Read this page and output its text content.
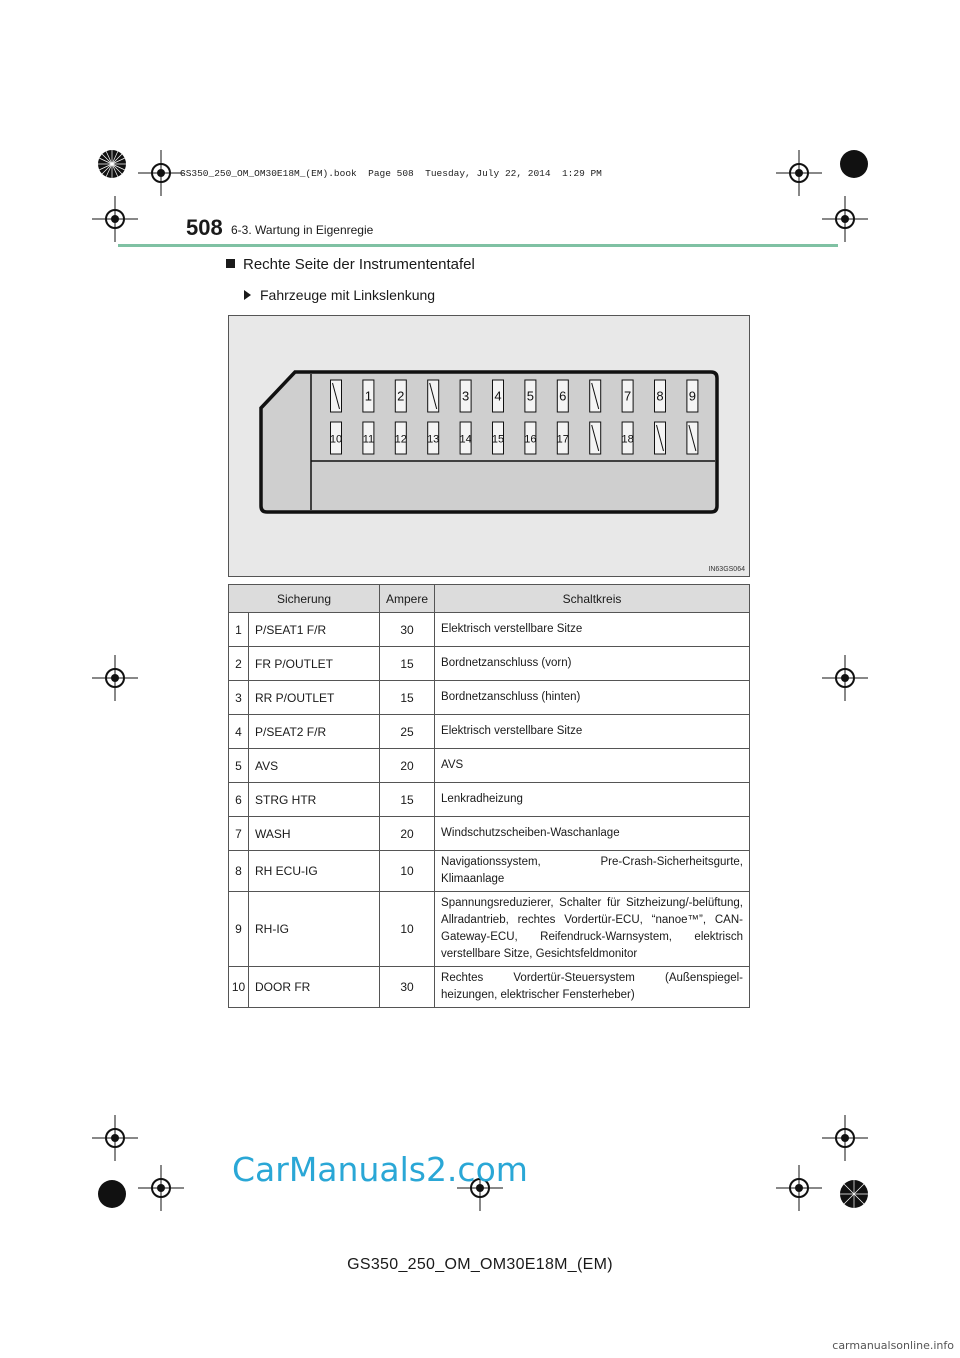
GS350_250_OM_OM30E18M_(EM).book  Page 508  Tuesday, July 22, 2014  1:29 PM
508 6-3. Wartung in Eigenregie
Rechte Seite der Instrumententafel
Fahrzeuge mit Linkslenkung
1 2	3 4 5 6	7 8 9
10 11 12 13 14 15 16 17	18
IN63GS064
Sicherung		Ampere	Schaltkreis
1	P/SEAT1 F/R	30	Elektrisch verstellbare Sitze
2	FR P/OUTLET	15	Bordnetzanschluss (vorn)
3	RR P/OUTLET	15	Bordnetzanschluss (hinten)
4	P/SEAT2 F/R	25	Elektrisch verstellbare Sitze
5	AVS	20	AVS
6	STRG HTR	15	Lenkradheizung
7	WASH	20	Windschutzscheiben-Waschanlage
8	RH ECU-IG	10	Navigationssystem, Pre-Crash-Sicherheitsgurte, Klimaanlage
9	RH-IG	10	Spannungsreduzierer, Schalter für Sitzheizung/-belüftung, Allradantrieb, rechtes Vordertür-ECU, “nanoe™”, CAN-Gateway-ECU, Reifendruck-Warnsystem, elektrisch verstellbare Sitze, Gesichtsfeldmonitor
10	DOOR FR	30	Rechtes Vordertür-Steuersystem (Außenspiegel-heizungen, elektrischer Fensterheber)
CarManuals2.com
GS350_250_OM_OM30E18M_(EM)
carmanualsonline.info
